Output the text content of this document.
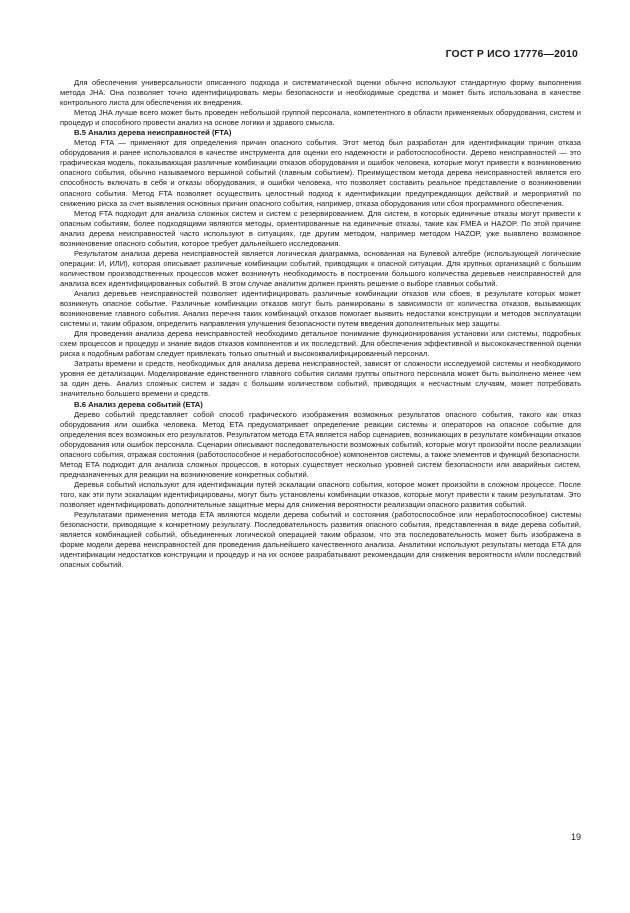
ГОСТ Р ИСО 17776—2010

Для обеспечения универсальности описанного подхода и систематической оценки обычно используют стандартную форму выполнения метода JHA. Она позволяет точно идентифицировать меры безопасности и необходимые средства и может быть использована в качестве контрольного листа для обеспечения их внедрения.

Метод JHA лучше всего может быть проведен небольшой группой персонала, компетентного в области применяемых оборудования, систем и процедур и способного провести анализ на основе логики и здравого смысла.

В.5 Анализ дерева неисправностей (FTA)

Метод FTA — применяют для определения причин опасного события. Этот метод был разработан для идентификации причин отказа оборудования и ранее использовался в качестве инструмента для оценки его надежности и работоспособности. Дерево неисправностей — это графическая модель, показывающая различные комбинации отказов оборудования и ошибок человека, которые могут привести к возникновению опасного события, обычно называемого вершиной событий (главным событием). Преимуществом метода дерева неисправностей является его способность включать в себя и отказы оборудования, и ошибки человека, что позволяет составить реальное представление о возникновении опасного события. Метод FTA позволяет осуществить целостный подход к идентификации предупреждающих действий и мероприятий по снижению риска за счет выявления основных причин опасного события, например, отказа оборудования или сбоя программного обеспечения.

Метод FTA подходит для анализа сложных систем и систем с резервированием. Для систем, в которых единичные отказы могут привести к опасным событиям, более подходящими являются методы, ориентированные на единичные отказы, такие как FMEA и HAZOP. По этой причине анализ дерева неисправностей часто используют в ситуациях, где другим методом, например методом HAZOP, уже выявлено возможное возникновение опасного события, которое требует дальнейшего исследования.

Результатом анализа дерева неисправностей является логическая диаграмма, основанная на Булевой алгебре (использующей логические операции: И, ИЛИ), которая описывает различные комбинации событий, приводящих к опасной ситуации. Для крупных организаций с большим количеством производственных процессов может возникнуть необходимость в построении большого количества деревьев неисправностей для анализа всех идентифицированных событий. В этом случае аналитик должен принять решение о выборе главных событий.

Анализ деревьев неисправностей позволяет идентифицировать различные комбинации отказов или сбоев, в результате которых может возникнуть опасное событие. Различные комбинации отказов могут быть ранжированы в зависимости от количества отказов, вызывающих возникновение главного события. Анализ перечня таких комбинаций отказов помогает выявить недостатки конструкции и методов эксплуатации системы и, таким образом, определить направления улучшения безопасности путем введения дополнительных мер защиты.

Для проведения анализа дерева неисправностей необходимо детальное понимание функционирования установки или системы, подробных схем процессов и процедур и знание видов отказов компонентов и их последствий. Для обеспечения эффективной и высококачественной оценки риска к подобным работам следует привлекать только опытный и высококвалифицированный персонал.

Затраты времени и средств, необходимых для анализа дерева неисправностей, зависят от сложности исследуемой системы и необходимого уровня ее детализации. Моделирование единственного главного события силами группы опытного персонала может быть выполнено менее чем за один день. Анализ сложных систем и задач с большим количеством событий, приводящих к несчастным случаям, может потребовать значительно большего времени и средств.

В.6 Анализ дерева событий (ETA)

Дерево событий представляет собой способ графического изображения возможных результатов опасного события, такого как отказ оборудования или ошибка человека. Метод ETA предусматривает определение реакции системы и операторов на опасное событие для определения всех возможных его результатов. Результатом метода ETA является набор сценариев, возникающих в результате комбинации отказов оборудования или ошибок персонала. Сценарии описывают последовательности возможных событий, которые могут произойти после реализации опасного события, отражая состояния (работоспособное и неработоспособное) компонентов системы, а также элементов и функций безопасности. Метод ETA подходит для анализа сложных процессов, в которых существует несколько уровней систем безопасности или аварийных систем, предназначенных для реакции на возникновение конкретных событий.

Деревья событий используют для идентификации путей эскалации опасного события, которое может произойти в сложном процессе. После того, как эти пути эскалации идентифицированы, могут быть установлены комбинации отказов, которые могут привести к таким результатам. Это позволяет идентифицировать дополнительные защитные меры для снижения вероятности реализации опасного развития событий.

Результатами применения метода ETA являются модели дерева событий и состояния (работоспособное или неработоспособное) системы безопасности, приводящие к конкретному результату. Последовательность развития опасного события, представленная в виде дерева событий, является комбинацией событий, объединенных логической операцией таким образом, что эта последовательность может быть изображена в форме модели дерева неисправностей для проведения дальнейшего качественного анализа. Аналитики используют результаты метода ETA для идентификации недостатков конструкции и процедур и на их основе разрабатывают рекомендации для снижения вероятности и/или последствий опасных событий.

19
